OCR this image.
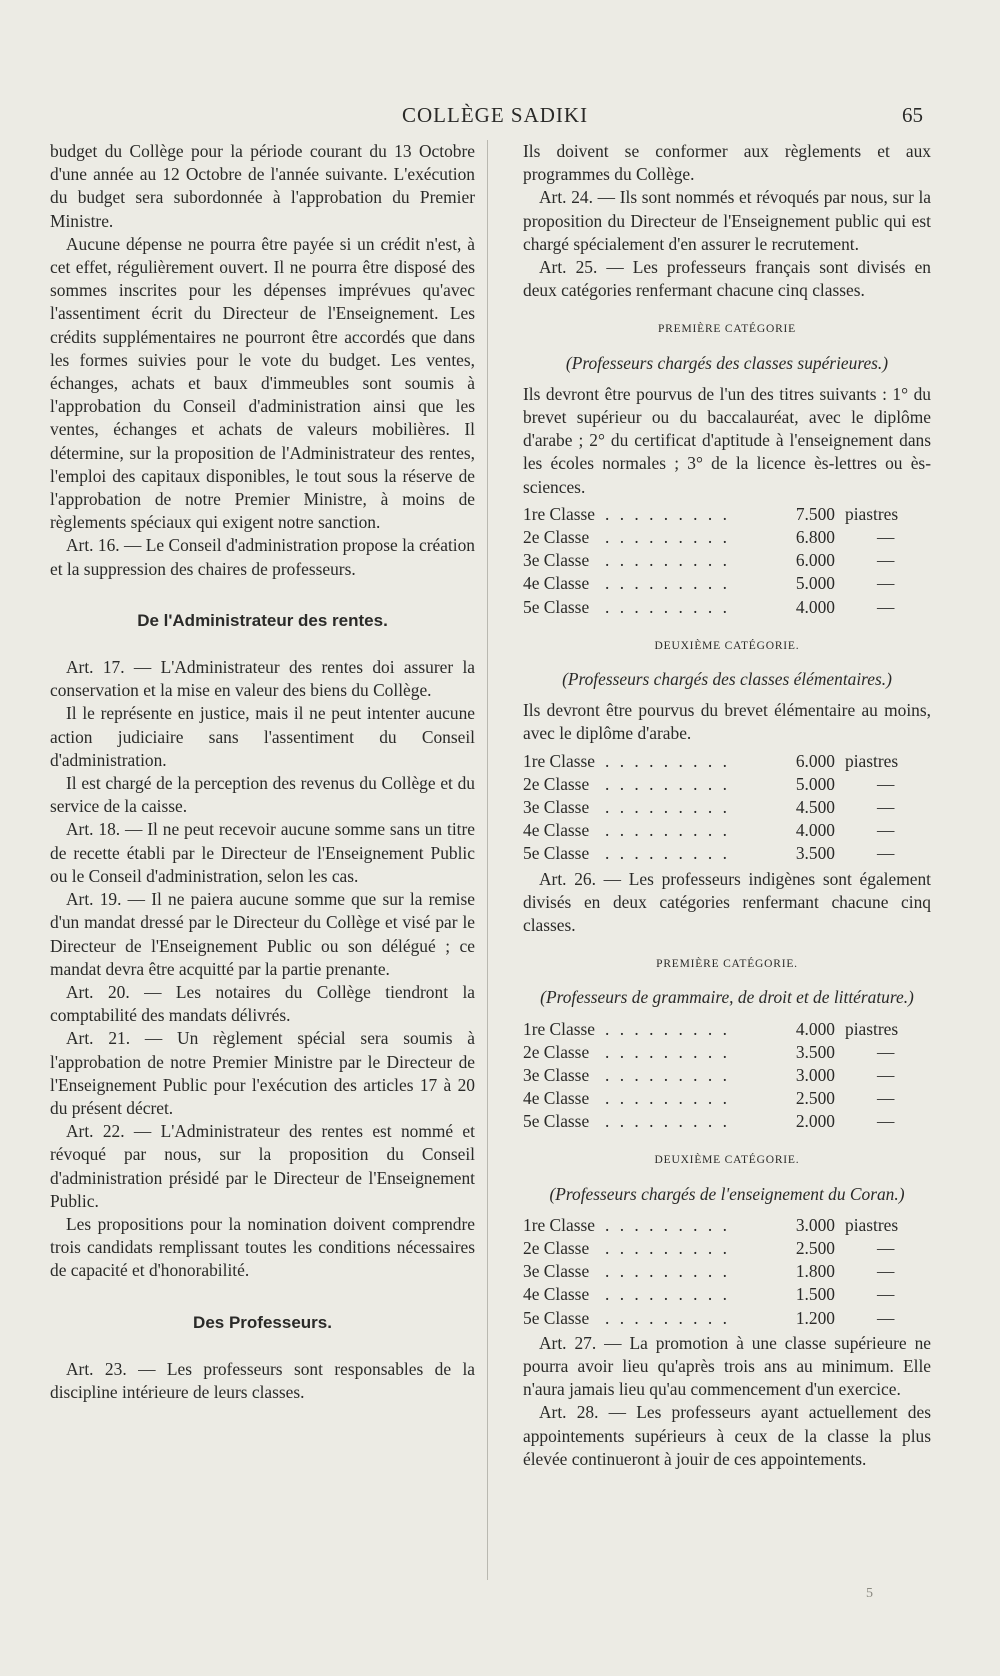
COLLÈGE SADIKI	65

budget du Collège pour la période courant du 13 Octobre d'une année au 12 Octobre de l'année suivante. L'exécution du budget sera subordonnée à l'approbation du Premier Ministre.

Aucune dépense ne pourra être payée si un crédit n'est, à cet effet, régulièrement ouvert. Il ne pourra être disposé des sommes inscrites pour les dépenses imprévues qu'avec l'assentiment écrit du Directeur de l'Enseignement. Les crédits supplémentaires ne pourront être accordés que dans les formes suivies pour le vote du budget. Les ventes, échanges, achats et baux d'immeubles sont soumis à l'approbation du Conseil d'administration ainsi que les ventes, échanges et achats de valeurs mobilières. Il détermine, sur la proposition de l'Administrateur des rentes, l'emploi des capitaux disponibles, le tout sous la réserve de l'approbation de notre Premier Ministre, à moins de règlements spéciaux qui exigent notre sanction.

Art. 16. — Le Conseil d'administration propose la création et la suppression des chaires de professeurs.

De l'Administrateur des rentes.

Art. 17. — L'Administrateur des rentes doi assurer la conservation et la mise en valeur des biens du Collège.

Il le représente en justice, mais il ne peut intenter aucune action judiciaire sans l'assentiment du Conseil d'administration.

Il est chargé de la perception des revenus du Collège et du service de la caisse.

Art. 18. — Il ne peut recevoir aucune somme sans un titre de recette établi par le Directeur de l'Enseignement Public ou le Conseil d'administration, selon les cas.

Art. 19. — Il ne paiera aucune somme que sur la remise d'un mandat dressé par le Directeur du Collège et visé par le Directeur de l'Enseignement Public ou son délégué ; ce mandat devra être acquitté par la partie prenante.

Art. 20. — Les notaires du Collège tiendront la comptabilité des mandats délivrés.

Art. 21. — Un règlement spécial sera soumis à l'approbation de notre Premier Ministre par le Directeur de l'Enseignement Public pour l'exécution des articles 17 à 20 du présent décret.

Art. 22. — L'Administrateur des rentes est nommé et révoqué par nous, sur la proposition du Conseil d'administration présidé par le Directeur de l'Enseignement Public.

Les propositions pour la nomination doivent comprendre trois candidats remplissant toutes les conditions nécessaires de capacité et d'honorabilité.

Des Professeurs.

Art. 23. — Les professeurs sont responsables de la discipline intérieure de leurs classes.

Ils doivent se conformer aux règlements et aux programmes du Collège.

Art. 24. — Ils sont nommés et révoqués par nous, sur la proposition du Directeur de l'Enseignement public qui est chargé spécialement d'en assurer le recrutement.

Art. 25. — Les professeurs français sont divisés en deux catégories renfermant chacune cinq classes.

PREMIÈRE CATÉGORIE
(Professeurs chargés des classes supérieures.)

Ils devront être pourvus de l'un des titres suivants : 1° du brevet supérieur ou du baccalauréat, avec le diplôme d'arabe ; 2° du certificat d'aptitude à l'enseignement dans les écoles normales ; 3° de la licence ès-lettres ou ès-sciences.

1re Classe . . . . . . . . .	7.500 piastres
2e Classe . . . . . . . . .	6.800	—
3e Classe . . . . . . . . .	6.000	—
4e Classe . . . . . . . . .	5.000	—
5e Classe . . . . . . . . .	4.000	—
DEUXIÈME CATÉGORIE.
(Professeurs chargés des classes élémentaires.)

Ils devront être pourvus du brevet élémentaire au moins, avec le diplôme d'arabe.

1re Classe . . . . . . . . .	6.000 piastres
2e Classe . . . . . . . . .	5.000	—
3e Classe . . . . . . . . .	4.500	—
4e Classe . . . . . . . . .	4.000	—
5e Classe . . . . . . . . .	3.500	—

Art. 26. — Les professeurs indigènes sont également divisés en deux catégories renfermant chacune cinq classes.

PREMIÈRE CATÉGORIE.
(Professeurs de grammaire, de droit et de littérature.)
1re Classe . . . . . . . . .	4.000 piastres
2e Classe . . . . . . . . .	3.500	—
3e Classe . . . . . . . . .	3.000	—
4e Classe . . . . . . . . .	2.500	—
5e Classe . . . . . . . . .	2.000	—
DEUXIÈME CATÉGORIE.
(Professeurs chargés de l'enseignement du Coran.)
1re Classe . . . . . . . . .	3.000 piastres
2e Classe . . . . . . . . .	2.500	—
3e Classe . . . . . . . . .	1.800	—
4e Classe . . . . . . . . .	1.500	—
5e Classe . . . . . . . . .	1.200	—

Art. 27. — La promotion à une classe supérieure ne pourra avoir lieu qu'après trois ans au minimum. Elle n'aura jamais lieu qu'au commencement d'un exercice.

Art. 28. — Les professeurs ayant actuellement des appointements supérieurs à ceux de la classe la plus élevée continueront à jouir de ces appointements.

5
